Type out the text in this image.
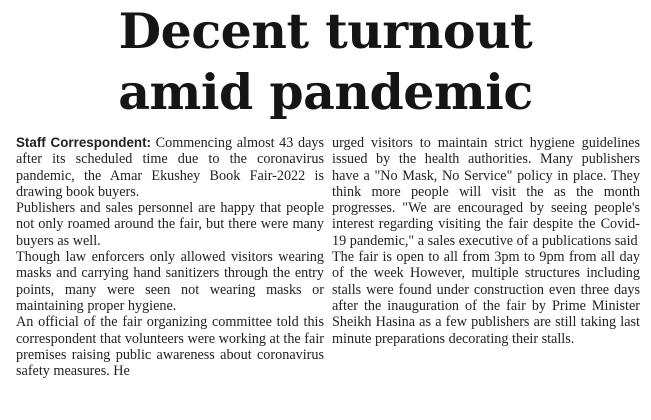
Decent turnout
amid pandemic

Staff Correspondent: Commencing almost 43 days after its scheduled time due to the coronavirus pandemic, the Amar Ekushey Book Fair-2022 is drawing book buyers.

Publishers and sales personnel are happy that people not only roamed around the fair, but there were many buyers as well.

Though law enforcers only allowed visitors wearing masks and carrying hand sanitizers through the entry points, many were seen not wearing masks or maintaining proper hygiene.

An official of the fair organizing committee told this correspondent that volunteers were working at the fair premises raising public awareness about coronavirus safety measures. He

urged visitors to maintain strict hygiene guidelines issued by the health authorities. Many publishers have a "No Mask, No Service" policy in place. They think more people will visit the as the month progresses. "We are encouraged by seeing people's interest regarding visiting the fair despite the Covid-19 pandemic," a sales executive of a publications said

The fair is open to all from 3pm to 9pm from all day of the week However, multiple structures including stalls were found under construction even three days after the inauguration of the fair by Prime Minister Sheikh Hasina as a few publishers are still taking last minute preparations decorating their stalls.
